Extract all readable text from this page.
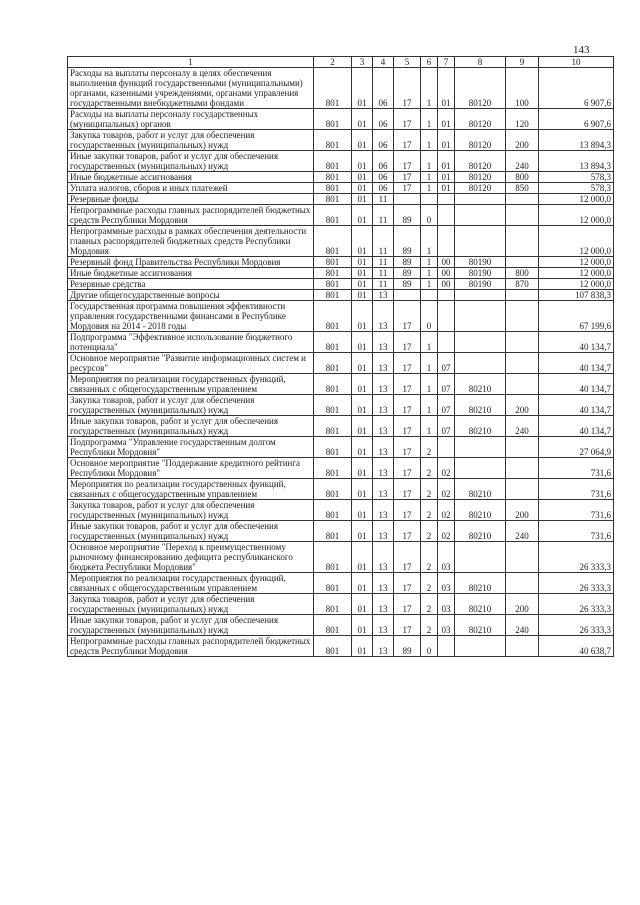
143
1	2	3	4	5	6	7	8	9	10
Расходы на выплаты персоналу в целях обеспечения выполнения функций государственными (муниципальными) органами, казенными учреждениями, органами управления государственными внебюджетными фондами	801	01	06	17	1	01	80120	100	6 907,6
Расходы на выплаты персоналу государственных (муниципальных) органов	801	01	06	17	1	01	80120	120	6 907,6
Закупка товаров, работ и услуг для обеспечения государственных (муниципальных) нужд	801	01	06	17	1	01	80120	200	13 894,3
Иные закупки товаров, работ и услуг для обеспечения государственных (муниципальных) нужд	801	01	06	17	1	01	80120	240	13 894,3
Иные бюджетные ассигнования	801	01	06	17	1	01	80120	800	578,3
Уплата налогов, сборов и иных платежей	801	01	06	17	1	01	80120	850	578,3
Резервные фонды	801	01	11						12 000,0
Непрограммные расходы главных распорядителей бюджетных средств Республики Мордовия	801	01	11	89	0				12 000,0
Непрограммные расходы в рамках обеспечения деятельности главных распорядителей бюджетных средств Республики Мордовия	801	01	11	89	1				12 000,0
Резервный фонд Правительства Республики Мордовия	801	01	11	89	1	00	80190		12 000,0
Иные бюджетные ассигнования	801	01	11	89	1	00	80190	800	12 000,0
Резервные средства	801	01	11	89	1	00	80190	870	12 000,0
Другие общегосударственные вопросы	801	01	13						107 838,3
Государственная программа повышения эффективности управления государственными финансами в Республике Мордовия на 2014 - 2018 годы	801	01	13	17	0				67 199,6
Подпрограмма "Эффективное использование бюджетного потенциала"	801	01	13	17	1				40 134,7
Основное мероприятие "Развитие информационных систем и ресурсов"	801	01	13	17	1	07			40 134,7
Мероприятия по реализации государственных функций, связанных с общегосударственным управлением	801	01	13	17	1	07	80210		40 134,7
Закупка товаров, работ и услуг для обеспечения государственных (муниципальных) нужд	801	01	13	17	1	07	80210	200	40 134,7
Иные закупки товаров, работ и услуг для обеспечения государственных (муниципальных) нужд	801	01	13	17	1	07	80210	240	40 134,7
Подпрограмма "Управление государственным долгом Республики Мордовия"	801	01	13	17	2				27 064,9
Основное мероприятие "Поддержание кредитного рейтинга Республики Мордовия"	801	01	13	17	2	02			731,6
Мероприятия по реализации государственных функций, связанных с общегосударственным управлением	801	01	13	17	2	02	80210		731,6
Закупка товаров, работ и услуг для обеспечения государственных (муниципальных) нужд	801	01	13	17	2	02	80210	200	731,6
Иные закупки товаров, работ и услуг для обеспечения государственных (муниципальных) нужд	801	01	13	17	2	02	80210	240	731,6
Основное мероприятие "Переход к преимущественному рыночному финансированию дефицита республиканского бюджета Республики Мордовия"	801	01	13	17	2	03			26 333,3
Мероприятия по реализации государственных функций, связанных с общегосударственным управлением	801	01	13	17	2	03	80210		26 333,3
Закупка товаров, работ и услуг для обеспечения государственных (муниципальных) нужд	801	01	13	17	2	03	80210	200	26 333,3
Иные закупки товаров, работ и услуг для обеспечения государственных (муниципальных) нужд	801	01	13	17	2	03	80210	240	26 333,3
Непрограммные расходы главных распорядителей бюджетных средств Республики Мордовия	801	01	13	89	0				40 638,7
